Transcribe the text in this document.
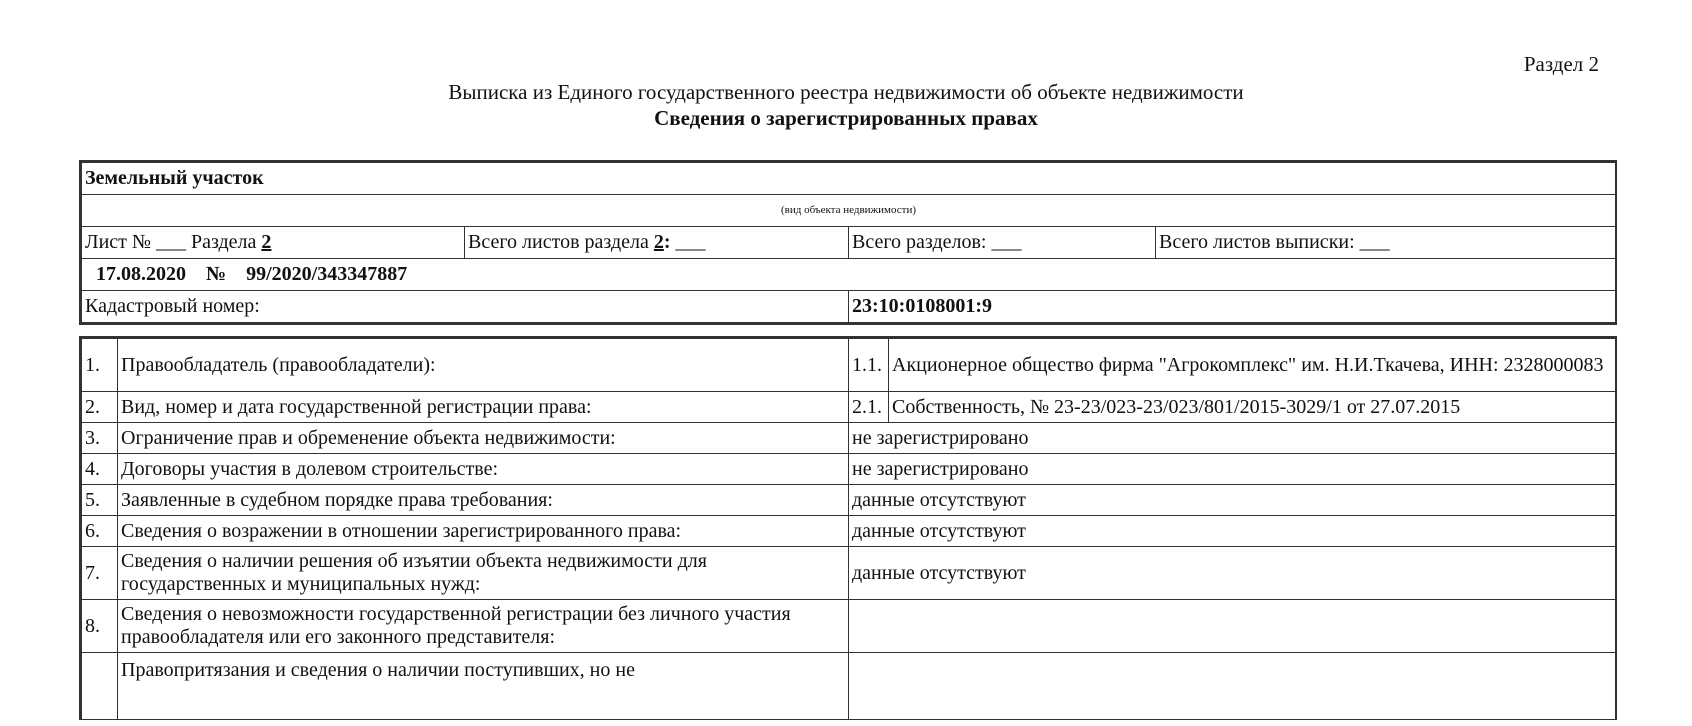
Раздел 2
Выписка из Единого государственного реестра недвижимости об объекте недвижимости
Сведения о зарегистрированных правах
Земельный участок			
(вид объекта недвижимости)			
Лист № ___ Раздела 2	Всего листов раздела 2: ___	Всего разделов: ___	Всего листов выписки: ___
17.08.2020 № 99/2020/343347887			
Кадастровый номер:		23:10:0108001:9	
1.	Правообладатель (правообладатели):	1.1.	Акционерное общество фирма "Агрокомплекс" им. Н.И.Ткачева, ИНН: 2328000083
2.	Вид, номер и дата государственной регистрации права:	2.1.	Собственность, № 23-23/023-23/023/801/2015-3029/1 от 27.07.2015
3.	Ограничение прав и обременение объекта недвижимости:	не зарегистрировано	
4.	Договоры участия в долевом строительстве:	не зарегистрировано	
5.	Заявленные в судебном порядке права требования:	данные отсутствуют	
6.	Сведения о возражении в отношении зарегистрированного права:	данные отсутствуют	
7.	Сведения о наличии решения об изъятии объекта недвижимости для государственных и муниципальных нужд:	данные отсутствуют	
8.	Сведения о невозможности государственной регистрации без личного участия правообладателя или его законного представителя:		
	Правопритязания и сведения о наличии поступивших, но не		
